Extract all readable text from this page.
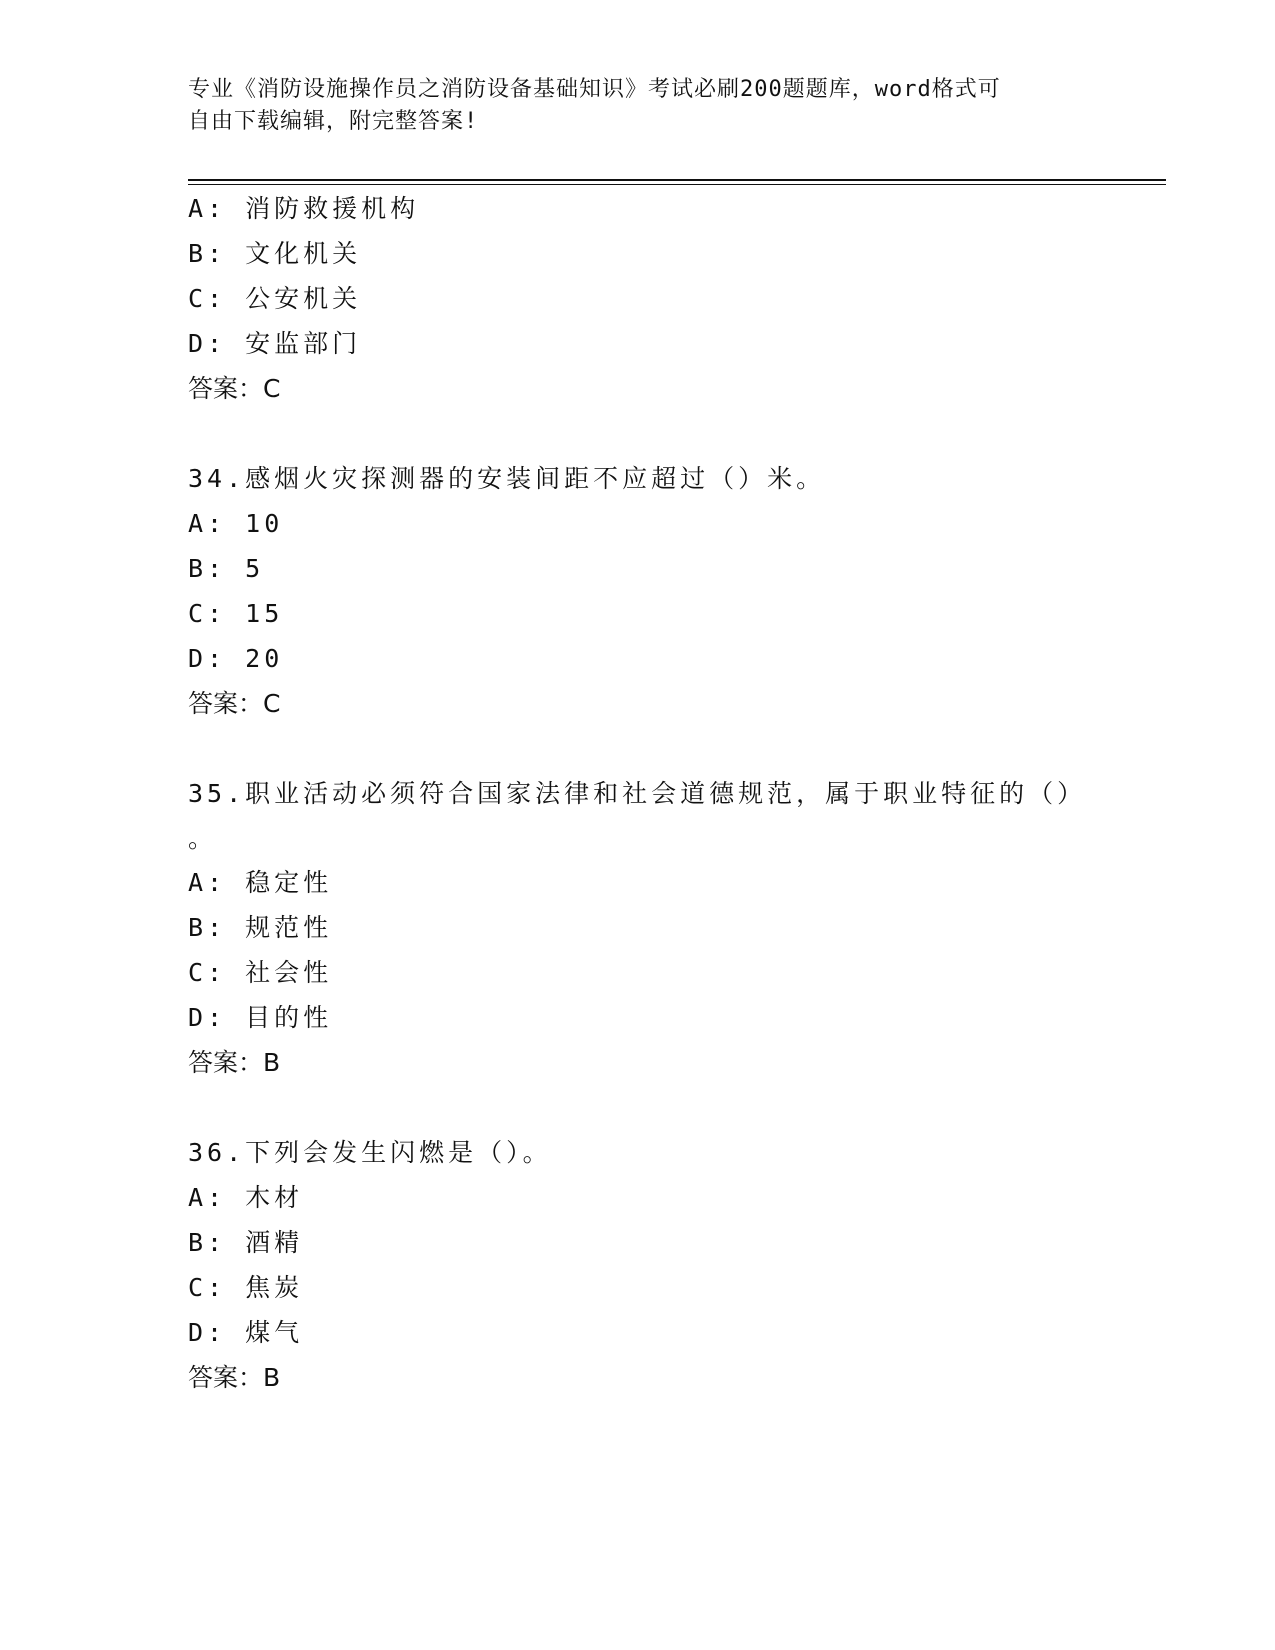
专业《消防设施操作员之消防设备基础知识》考试必刷200题题库，word格式可
自由下载编辑，附完整答案!
A: 消防救援机构
B: 文化机关
C: 公安机关
D: 安监部门
答案：C
34.感烟火灾探测器的安装间距不应超过（）米。
A: 10
B: 5
C: 15
D: 20
答案：C
35.职业活动必须符合国家法律和社会道德规范，属于职业特征的（）
。
A: 稳定性
B: 规范性
C: 社会性
D: 目的性
答案：B
36.下列会发生闪燃是（）。
A: 木材
B: 酒精
C: 焦炭
D: 煤气
答案：B
